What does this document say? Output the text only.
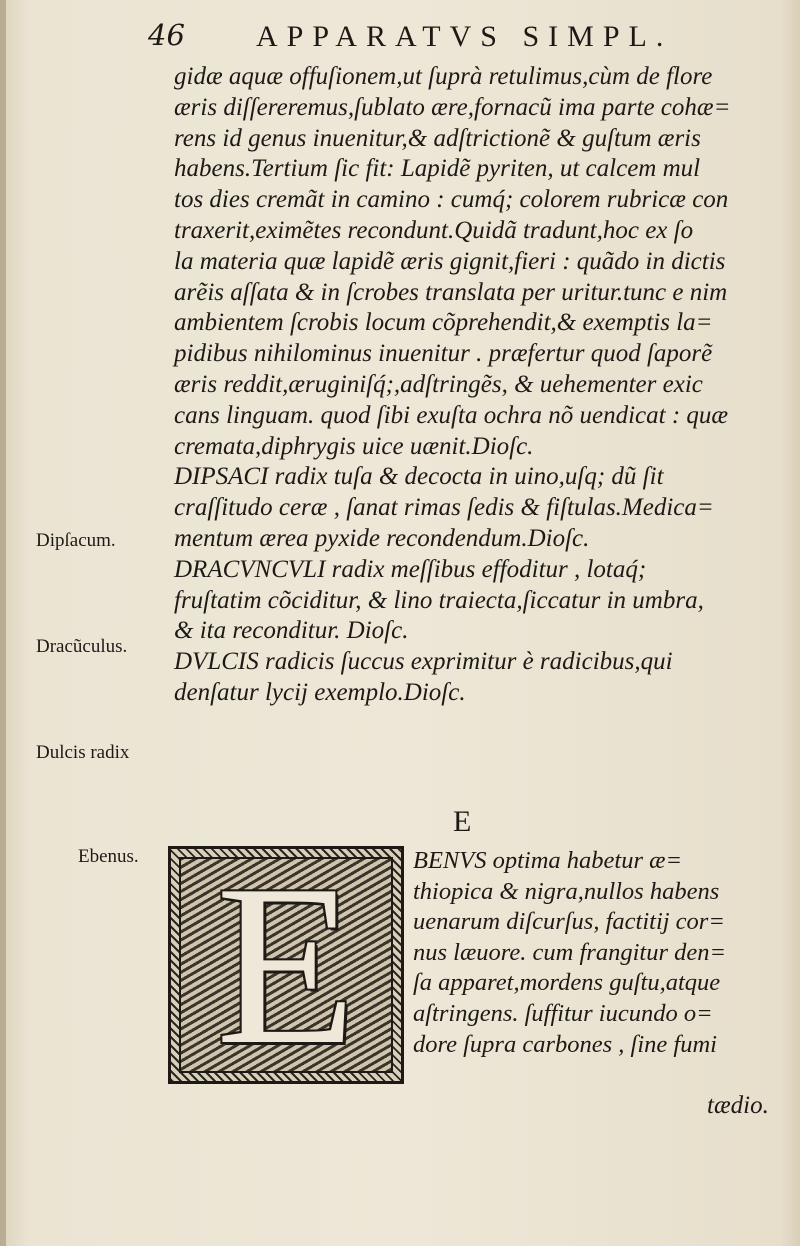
46 APPARATVS SIMPL.
gidæ aquæ offuſionem,ut ſuprà retulimus,cùm de flore
æris diſſereremus,ſublato ære,fornacũ ima parte cohæ=
rens id genus inuenitur,& adſtrictionẽ & guſtum æris
habens.Tertium ſic fit: Lapidẽ pyriten, ut calcem mul
tos dies cremãt in camino : cumq́; colorem rubricæ con
traxerit,eximẽtes recondunt.Quidã tradunt,hoc ex ſo
la materia quæ lapidẽ æris gignit,fieri : quãdo in dictis
arẽis aſſata & in ſcrobes translata per uritur.tunc e nim
ambientem ſcrobis locum cõprehendit,& exemptis la=
pidibus nihilominus inuenitur . præfertur quod ſaporẽ
æris reddit,æruginiſq́;,adſtringẽs, & uehementer exic
cans linguam. quod ſibi exuſta ochra nõ uendicat : quæ
cremata,diphrygis uice uænit.Dioſc.
DIPSACI radix tuſa & decocta in uino,uſq; dũ ſit
craſſitudo ceræ , ſanat rimas ſedis & fiſtulas.Medica=
mentum ærea pyxide recondendum.Dioſc.
DRACVNCVLI radix meſſibus effoditur , lotaq́;
fruſtatim cõciditur, & lino traiecta,ſiccatur in umbra,
& ita reconditur. Dioſc.
DVLCIS radicis ſuccus exprimitur è radicibus,qui
denſatur lycij exemplo.Dioſc.
Dipſacum.
Dracũculus.
Dulcis radix
Ebenus.
E
E	BENVS optima habetur æ=
thiopica & nigra,nullos habens
uenarum diſcurſus, factitij cor=
nus læuore. cum frangitur den=
ſa apparet,mordens guſtu,atque
aſtringens. ſuffitur iucundo o=
dore ſupra carbones , ſine fumi
tædio.
